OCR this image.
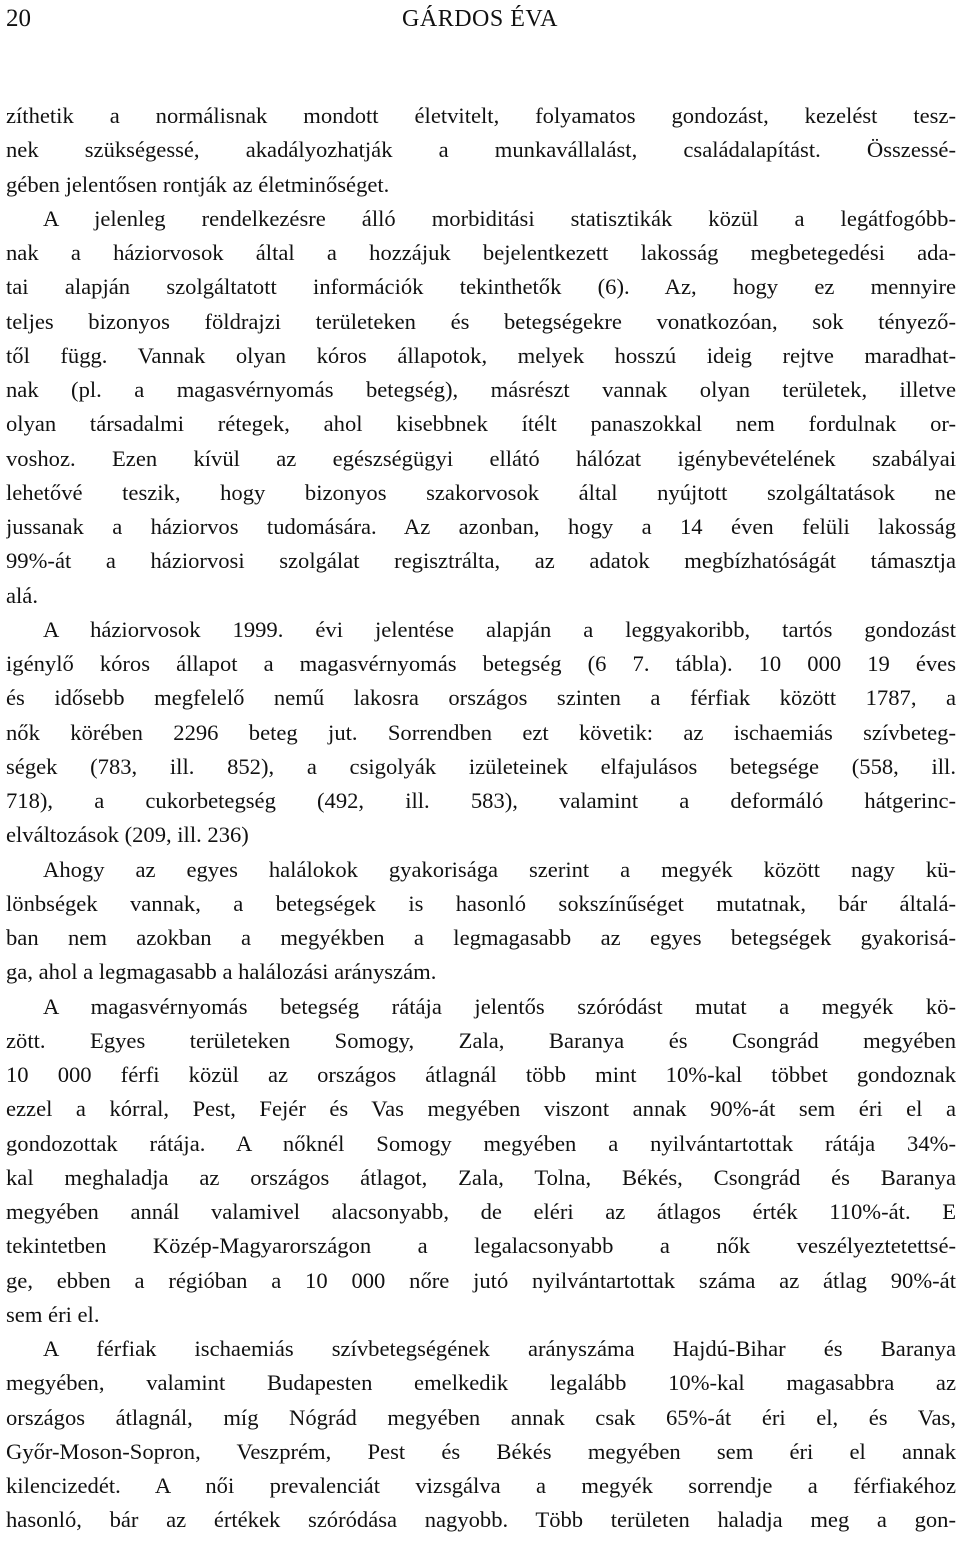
20	GÁRDOS ÉVA
zíthetik a normálisnak mondott életvitelt, folyamatos gondozást, kezelést tesz-
nek szükségessé, akadályozhatják a munkavállalást, családalapítást. Összessé-
gében jelentősen rontják az életminőséget.
A jelenleg rendelkezésre álló morbiditási statisztikák közül a legátfogóbb-
nak a háziorvosok által a hozzájuk bejelentkezett lakosság megbetegedési ada-
tai alapján szolgáltatott információk tekinthetők (6). Az, hogy ez mennyire
teljes bizonyos földrajzi területeken és betegségekre vonatkozóan, sok tényező-
től függ. Vannak olyan kóros állapotok, melyek hosszú ideig rejtve maradhat-
nak (pl. a magasvérnyomás betegség), másrészt vannak olyan területek, illetve
olyan társadalmi rétegek, ahol kisebbnek ítélt panaszokkal nem fordulnak or-
voshoz. Ezen kívül az egészségügyi ellátó hálózat igénybevételének szabályai
lehetővé teszik, hogy bizonyos szakorvosok által nyújtott szolgáltatások ne
jussanak a háziorvos tudomására. Az azonban, hogy a 14 éven felüli lakosság
99%-át a háziorvosi szolgálat regisztrálta, az adatok megbízhatóságát támasztja
alá.
A háziorvosok 1999. évi jelentése alapján a leggyakoribb, tartós gondozást
igénylő kóros állapot a magasvérnyomás betegség (6 7. tábla). 10 000 19 éves
és idősebb megfelelő nemű lakosra országos szinten a férfiak között 1787, a
nők körében 2296 beteg jut. Sorrendben ezt követik: az ischaemiás szívbeteg-
ségek (783, ill. 852), a csigolyák izületeinek elfajulásos betegsége (558, ill.
718), a cukorbetegség (492, ill. 583), valamint a deformáló hátgerinc-
elváltozások (209, ill. 236)
Ahogy az egyes halálokok gyakorisága szerint a megyék között nagy kü-
lönbségek vannak, a betegségek is hasonló sokszínűséget mutatnak, bár általá-
ban nem azokban a megyékben a legmagasabb az egyes betegségek gyakorisá-
ga, ahol a legmagasabb a halálozási arányszám.
A magasvérnyomás betegség rátája jelentős szóródást mutat a megyék kö-
zött. Egyes területeken Somogy, Zala, Baranya és Csongrád megyében
10 000 férfi közül az országos átlagnál több mint 10%-kal többet gondoznak
ezzel a kórral, Pest, Fejér és Vas megyében viszont annak 90%-át sem éri el a
gondozottak rátája. A nőknél Somogy megyében a nyilvántartottak rátája 34%-
kal meghaladja az országos átlagot, Zala, Tolna, Békés, Csongrád és Baranya
megyében annál valamivel alacsonyabb, de eléri az átlagos érték 110%-át. E
tekintetben Közép-Magyarországon a legalacsonyabb a nők veszélyeztetettsé-
ge, ebben a régióban a 10 000 nőre jutó nyilvántartottak száma az átlag 90%-át
sem éri el.
A férfiak ischaemiás szívbetegségének arányszáma Hajdú-Bihar és Baranya
megyében, valamint Budapesten emelkedik legalább 10%-kal magasabbra az
országos átlagnál, míg Nógrád megyében annak csak 65%-át éri el, és Vas,
Győr-Moson-Sopron, Veszprém, Pest és Békés megyében sem éri el annak
kilencizedét. A női prevalenciát vizsgálva a megyék sorrendje a férfiakéhoz
hasonló, bár az értékek szóródása nagyobb. Több területen haladja meg a gon-
